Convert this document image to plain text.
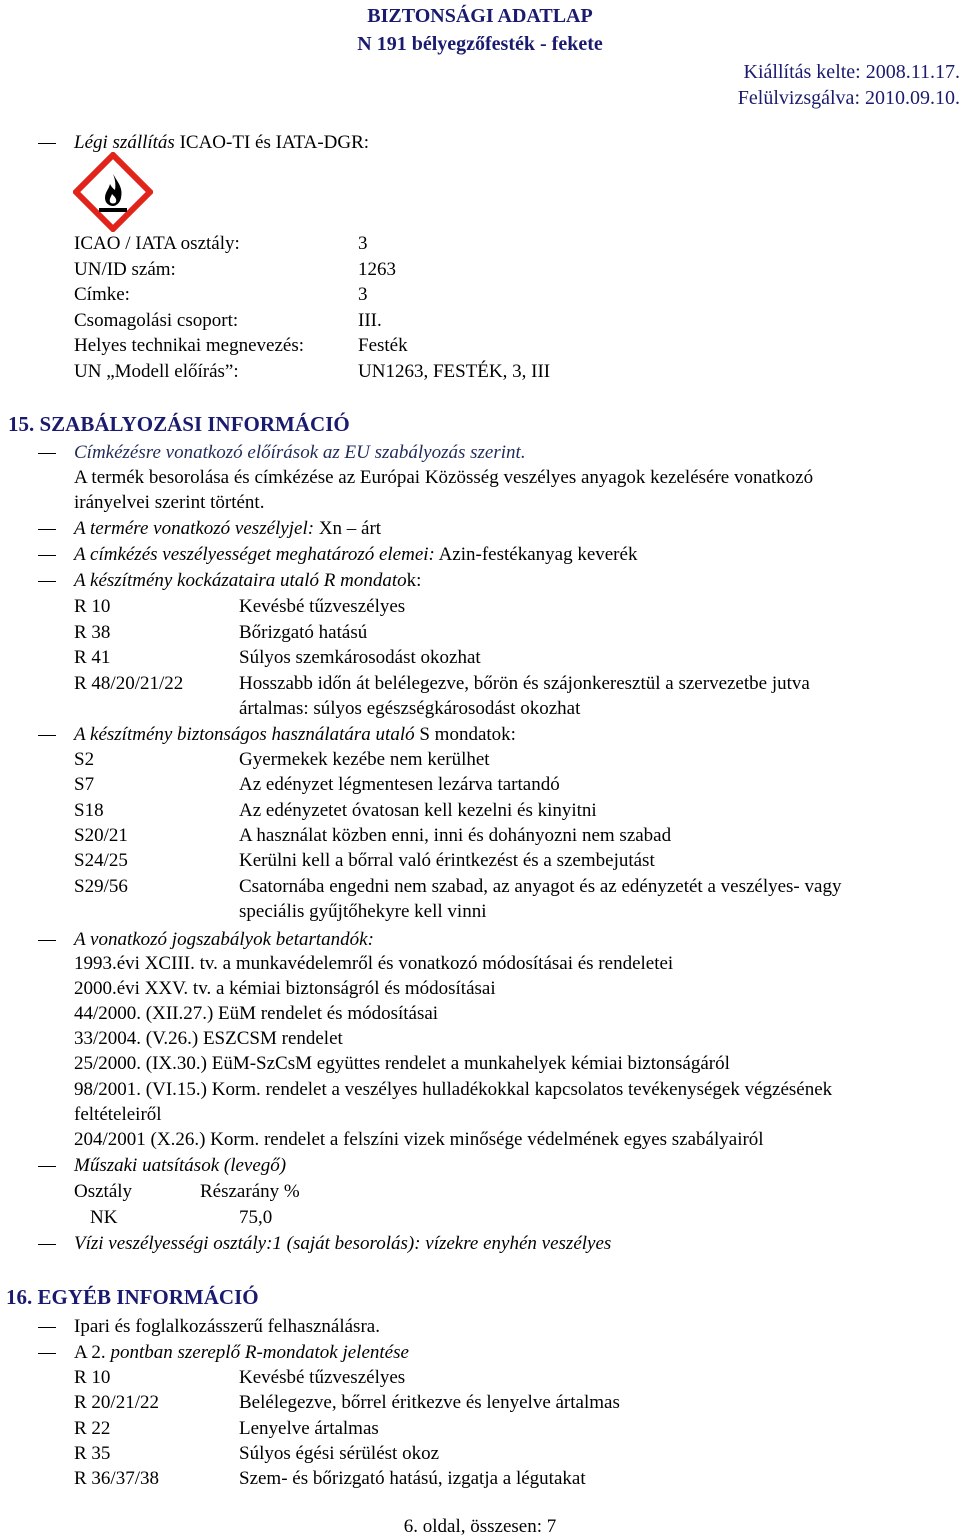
BIZTONSÁGI ADATLAP
N 191 bélyegzőfesték - fekete
Kiállítás kelte: 2008.11.17.
Felülvizsgálva: 2010.09.10.
Légi szállítás ICAO-TI és IATA-DGR:
ICAO / IATA osztály:	3
UN/ID szám:	1263
Címke:	3
Csomagolási csoport:	III.
Helyes technikai megnevezés:	Festék
UN „Modell előírás”:	UN1263, FESTÉK, 3, III
15. SZABÁLYOZÁSI INFORMÁCIÓ
Címkézésre vonatkozó előírások az EU szabályozás szerint.
A termék besorolása és címkézése az Európai Közösség veszélyes anyagok kezelésére vonatkozó
irányelvei szerint történt.
A termére vonatkozó veszélyjel: Xn – árt
A címkézés veszélyességet meghatározó elemei: Azin-festékanyag keverék
A készítmény kockázataira utaló R mondatok:
R 10	Kevésbé tűzveszélyes
R 38	Bőrizgató hatású
R 41	Súlyos szemkárosodást okozhat
R 48/20/21/22	Hosszabb időn át belélegezve, bőrön és szájonkeresztül a szervezetbe jutva
ártalmas: súlyos egészségkárosodást okozhat
A készítmény biztonságos használatára utaló S mondatok:
S2	Gyermekek kezébe nem kerülhet
S7	Az edényzet légmentesen lezárva tartandó
S18	Az edényzetet óvatosan kell kezelni és kinyitni
S20/21	A használat közben enni, inni és dohányozni nem szabad
S24/25	Kerülni kell a bőrral való érintkezést és a szembejutást
S29/56	Csatornába engedni nem szabad, az anyagot és az edényzetét a veszélyes- vagy
speciális gyűjtőhekyre kell vinni
A vonatkozó jogszabályok betartandók:
1993.évi XCIII. tv. a munkavédelemről és vonatkozó módosításai és rendeletei
2000.évi XXV. tv. a kémiai biztonságról és módosításai
44/2000. (XII.27.) EüM rendelet és módosításai
33/2004. (V.26.) ESZCSM rendelet
25/2000. (IX.30.) EüM-SzCsM együttes rendelet a munkahelyek kémiai biztonságáról
98/2001. (VI.15.) Korm. rendelet a veszélyes hulladékokkal kapcsolatos tevékenységek végzésének
feltételeiről
204/2001 (X.26.) Korm. rendelet a felszíni vizek minősége védelmének egyes szabályairól
Műszaki uatsítások (levegő)
Osztály	Részarány %
NK	75,0
Vízi veszélyességi osztály:1 (saját besorolás): vízekre enyhén veszélyes
16. EGYÉB INFORMÁCIÓ
Ipari és foglalkozásszerű felhasználásra.
A 2. pontban szereplő R-mondatok jelentése
R 10	Kevésbé tűzveszélyes
R 20/21/22	Belélegezve, bőrrel éritkezve és lenyelve ártalmas
R 22	Lenyelve ártalmas
R 35	Súlyos égési sérülést okoz
R 36/37/38	Szem- és bőrizgató hatású, izgatja a légutakat
6. oldal, összesen: 7
